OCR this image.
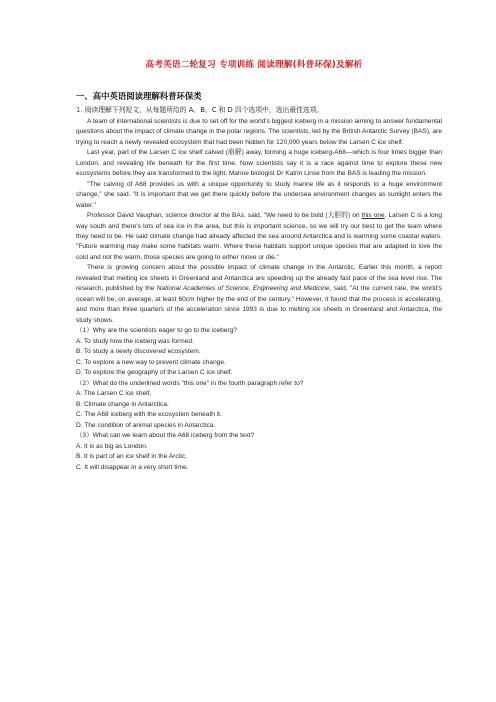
高考英语二轮复习 专项训练 阅读理解(科普环保)及解析
一、高中英语阅读理解科普环保类
1. 阅读理解下列短文，从每题所给的 A、B、C 和 D 四个选项中，选出最佳选项。

A team of international scientists is due to set off for the world's biggest iceberg in a mission aiming to answer fundamental questions about the impact of climate change in the polar regions. The scientists, led by the British Antarctic Survey (BAS), are trying to reach a newly revealed ecosystem that had been hidden for 120,000 years below the Larsen C ice shelf.

Last year, part of the Larsen C ice shelf calved (崩解) away, forming a huge iceberg-A68—which is four times bigger than London, and revealing life beneath for the first time. Now scientists say it is a race against time to explore these new ecosystems before they are transformed to the light. Marine biologist Dr Katrin Linse from the BAS is leading the mission.

"The calving of A68 provides us with a unique opportunity to study marine life as it responds to a huge environment change," she said. "It is important that we get there quickly before the undersea environment changes as sunlight enters the water."

Professor David Vaughan, science director at the BAs, said, "We need to be bold (大胆的) on this one. Larsen C is a long way south and there's lots of sea ice in the area, but this is important science, so we will try our best to get the team where they need to be. He said climate change had already affected the sea around Antarctica and is warming some coastal waters. "Future warming may make some habitats warm. Where these habitats support unique species that are adapted to love the cold and not the warm, those species are going to either move or die."

There is growing concern about the possible impact of climate change in the Antarctic. Earlier this month, a report revealed that melting ice sheets in Greenland and Antarctica are speeding up the already fast pace of the sea level rise. The research, published by the National Academies of Science, Engineering and Medicine, said, "At the current rate, the world's ocean will be, on average, at least 60cm higher by the end of the century." However, it found that the process is accelerating, and more than three quarters of the acceleration since 1993 is due to melting ice sheets in Greenland and Antarctica, the study shows.

（1）Why are the scientists eager to go to the iceberg?
A. To study how the iceberg was formed.
B. To study a newly discovered ecosystem.
C. To explore a new way to prevent climate change.
D. To explore the geography of the Larsen C ice shelf.
（2）What do the underlined words "this one" in the fourth paragraph refer to?
A. The Larsen C ice shelf.
B. Climate change in Antarctica.
C. The A68 iceberg with the ecosystem beneath it.
D. The condition of animal species in Antarctica.
（3）What can we learn about the A68 iceberg from the text?
A. It is as big as London.
B. It is part of an ice shelf in the Arctic.
C. It will disappear in a very short time.
